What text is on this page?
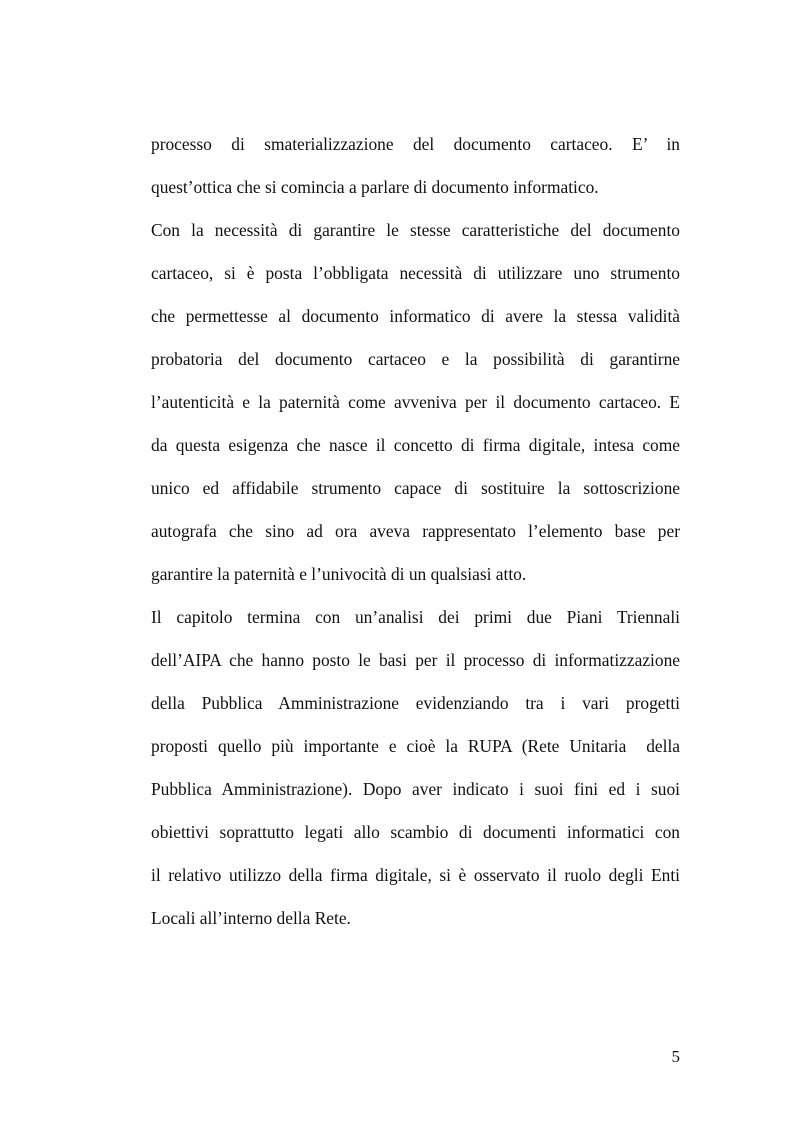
processo di smaterializzazione del documento cartaceo. E’ in
quest’ottica che si comincia a parlare di documento informatico.
Con la necessità di garantire le stesse caratteristiche del documento
cartaceo, si è posta l’obbligata necessità di utilizzare uno strumento
che permettesse al documento informatico di avere la stessa validità
probatoria del documento cartaceo e la possibilità di garantirne
l’autenticità e la paternità come avveniva per il documento cartaceo. E
da questa esigenza che nasce il concetto di firma digitale, intesa come
unico ed affidabile strumento capace di sostituire la sottoscrizione
autografa che sino ad ora aveva rappresentato l’elemento base per
garantire la paternità e l’univocità di un qualsiasi atto.
Il capitolo termina con un’analisi dei primi due Piani Triennali
dell’AIPA che hanno posto le basi per il processo di informatizzazione
della Pubblica Amministrazione evidenziando tra i vari progetti
proposti quello più importante e cioè la RUPA (Rete Unitaria  della
Pubblica Amministrazione). Dopo aver indicato i suoi fini ed i suoi
obiettivi soprattutto legati allo scambio di documenti informatici con
il relativo utilizzo della firma digitale, si è osservato il ruolo degli Enti
Locali all’interno della Rete.
5
